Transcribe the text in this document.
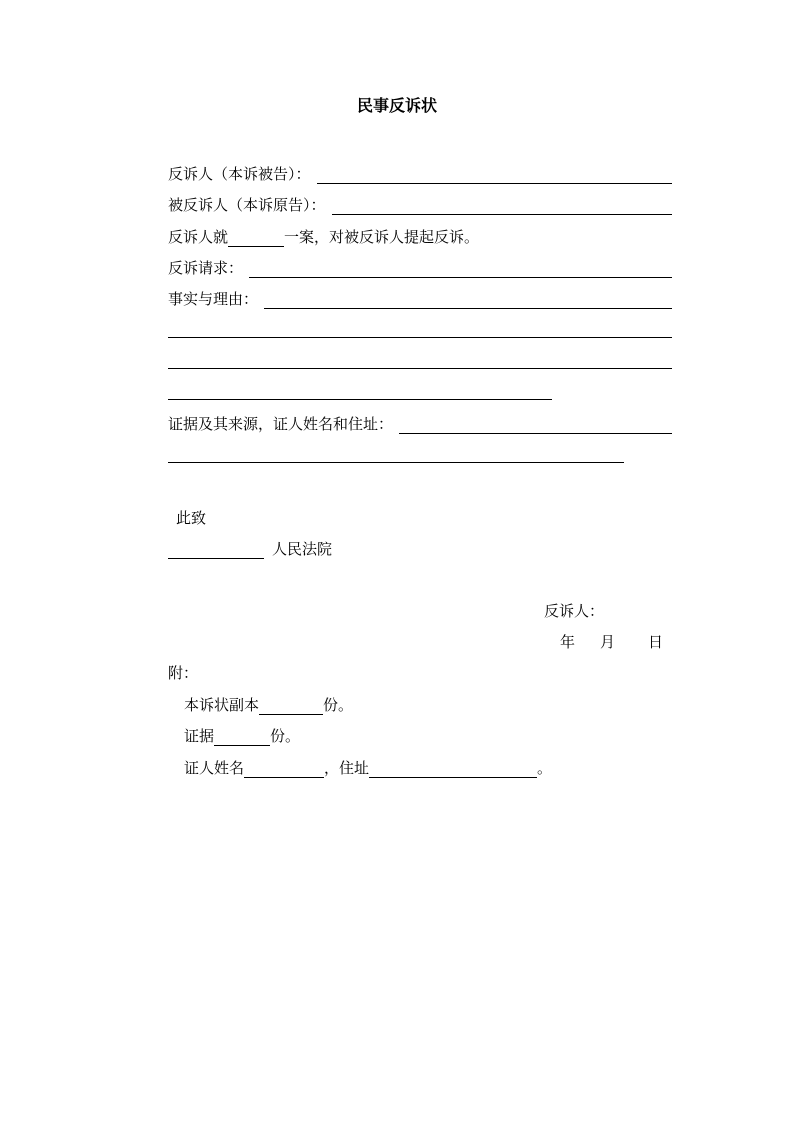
民事反诉状
反诉人（本诉被告）：
被反诉人（本诉原告）：
反诉人就	一案，对被反诉人提起反诉。
反诉请求：
事实与理由：
证据及其来源，证人姓名和住址：
此致
人民法院
反诉人：
年 月 日
附：
本诉状副本	份。
证据	份。
证人姓名	，住址	。
